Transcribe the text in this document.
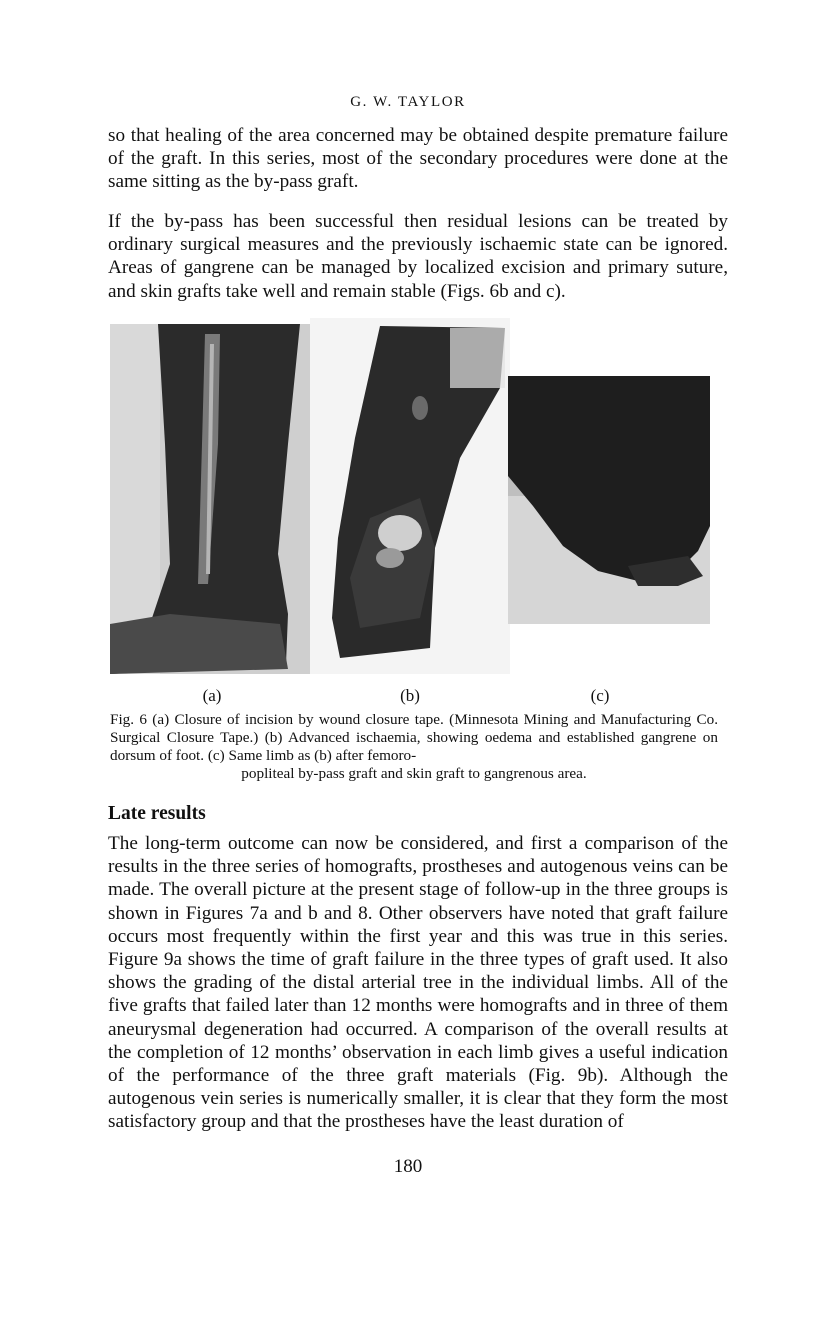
G. W. TAYLOR

so that healing of the area concerned may be obtained despite premature failure of the graft. In this series, most of the secondary procedures were done at the same sitting as the by-pass graft.

If the by-pass has been successful then residual lesions can be treated by ordinary surgical measures and the previously ischaemic state can be ignored. Areas of gangrene can be managed by localized excision and primary suture, and skin grafts take well and remain stable (Figs. 6b and c).

(a)	(b)	(c)

Fig. 6 (a) Closure of incision by wound closure tape. (Minnesota Mining and Manufacturing Co. Surgical Closure Tape.) (b) Advanced ischaemia, showing oedema and established gangrene on dorsum of foot. (c) Same limb as (b) after femoro-
popliteal by-pass graft and skin graft to gangrenous area.

Late results

The long-term outcome can now be considered, and first a comparison of the results in the three series of homografts, prostheses and autogenous veins can be made. The overall picture at the present stage of follow-up in the three groups is shown in Figures 7a and b and 8. Other observers have noted that graft failure occurs most frequently within the first year and this was true in this series. Figure 9a shows the time of graft failure in the three types of graft used. It also shows the grading of the distal arterial tree in the individual limbs. All of the five grafts that failed later than 12 months were homografts and in three of them aneurysmal degeneration had occurred. A comparison of the overall results at the completion of 12 months’ observation in each limb gives a useful indication of the performance of the three graft materials (Fig. 9b). Although the autogenous vein series is numerically smaller, it is clear that they form the most satisfactory group and that the prostheses have the least duration of

180
